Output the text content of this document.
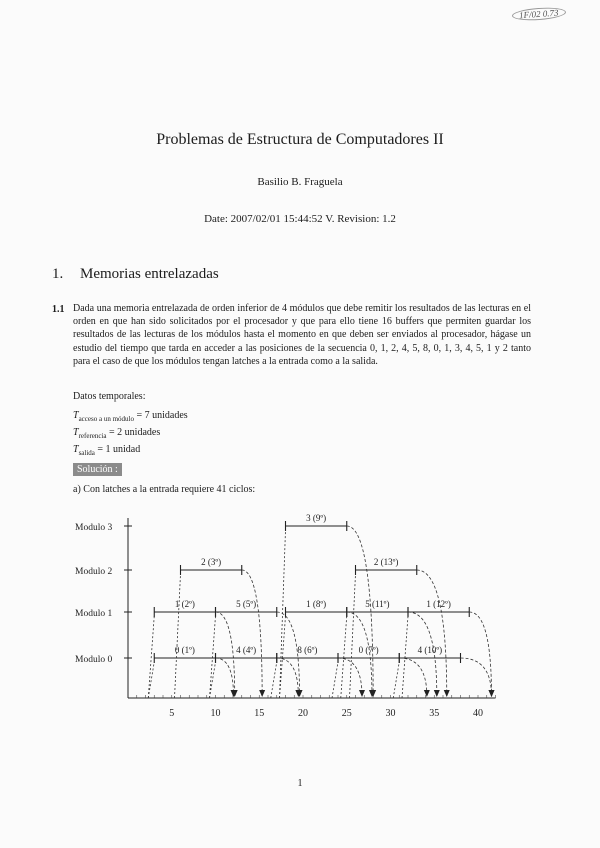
1F/02 0.73
Problemas de Estructura de Computadores II
Basilio B. Fraguela
Date: 2007/02/01 15:44:52 V. Revision: 1.2
1. Memorias entrelazadas
1.1 Dada una memoria entrelazada de orden inferior de 4 módulos que debe remitir los resultados de las lecturas en el orden en que han sido solicitados por el procesador y que para ello tiene 16 buffers que permiten guardar los resultados de las lecturas de los módulos hasta el momento en que deben ser enviados al procesador, hágase un estudio del tiempo que tarda en acceder a las posiciones de la secuencia 0, 1, 2, 4, 5, 8, 0, 1, 3, 4, 5, 1 y 2 tanto para el caso de que los módulos tengan latches a la entrada como a la salida.
Datos temporales:
$T_{acceso a un módulo} = 7$ unidades
$T_{referencia} = 2$ unidades
$T_{salida} = 1$ unidad
Solución :
a) Con latches a la entrada requiere 41 ciclos:
5	10	15	20	25	30	35	40
Modulo 0
Modulo 1
Modulo 2
Modulo 3
0 (1º)
1 (2º)
2 (3º)
4 (4º)
5 (5º)
8 (6º)
1 (8º)
3 (9º)
0 (7º)
5 (11º)
2 (13º)
4 (10º)
1 (12º)
1
